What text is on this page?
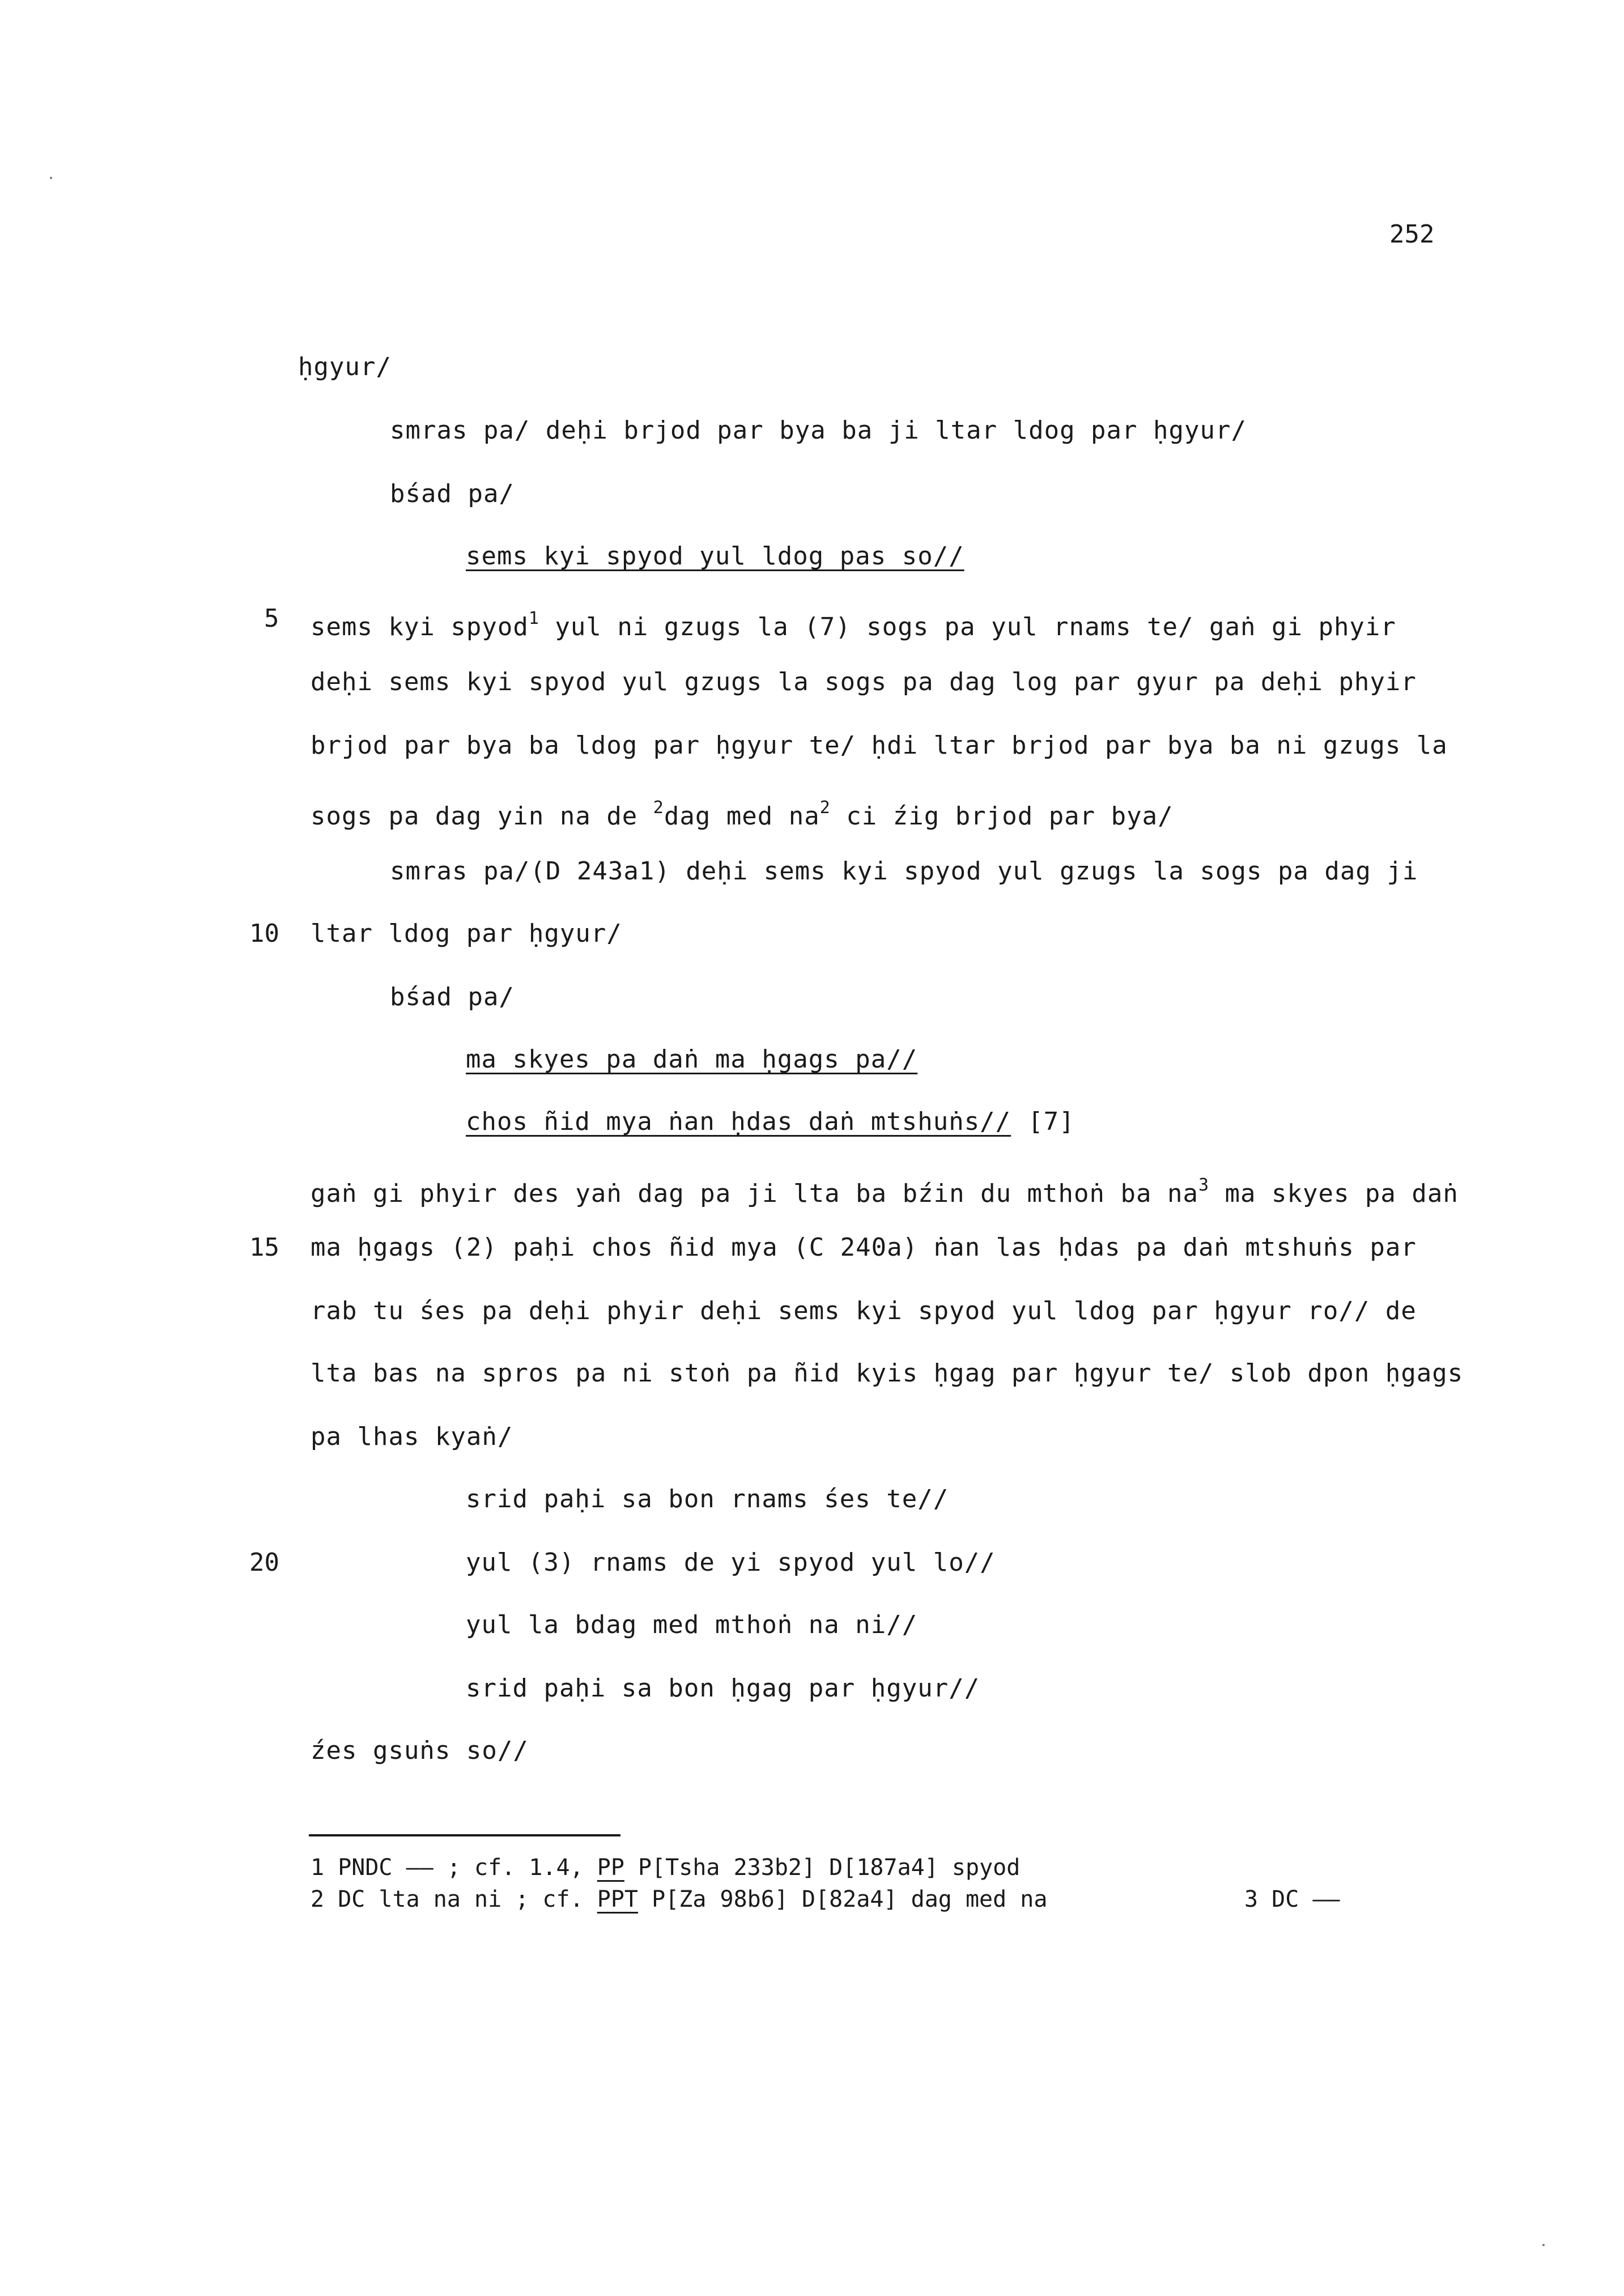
252
ḥgyur/
smras pa/ deḥi brjod par bya ba ji ltar ldog par ḥgyur/
bśad pa/
sems kyi spyod yul ldog pas so//
5 sems kyi spyod$^1$ yul ni gzugs la (7) sogs pa yul rnams te/ gaṅ gi phyir
deḥi sems kyi spyod yul gzugs la sogs pa dag log par gyur pa deḥi phyir
brjod par bya ba ldog par ḥgyur te/ ḥdi ltar brjod par bya ba ni gzugs la
sogs pa dag yin na de $^2$dag med $na^2$ ci źig brjod par bya/
smras pa/(D 243a1) deḥi sems kyi spyod yul gzugs la sogs pa dag ji
10 ltar ldog par ḥgyur/
bśad pa/
ma skyes pa daṅ ma ḥgags pa//
chos ñid mya ṅan ḥdas daṅ mtshuṅs// [7]
gaṅ gi phyir des yaṅ dag pa ji lta ba bźin du mthoṅ ba $na^3$ ma skyes pa daṅ
15 ma ḥgags (2) paḥi chos ñid mya (C 240a) ṅan las ḥdas pa daṅ mtshuṅs par
rab tu śes pa deḥi phyir deḥi sems kyi spyod yul ldog par ḥgyur ro// de
lta bas na spros pa ni stoṅ pa ñid kyis ḥgag par ḥgyur te/ slob dpon ḥgags
pa lhas kyaṅ/
srid paḥi sa bon rnams śes te//
20	yul (3) rnams de yi spyod yul lo//
yul la bdag med mthoṅ na ni//
srid paḥi sa bon ḥgag par ḥgyur//
źes gsuṅs so//
1 PNDC —— ; cf. 1.4, PP P[Tsha 233b2] D[187a4] spyod
2 DC lta na ni ; cf. PPT P[Za 98b6] D[82a4] dag med na	3 DC ——
